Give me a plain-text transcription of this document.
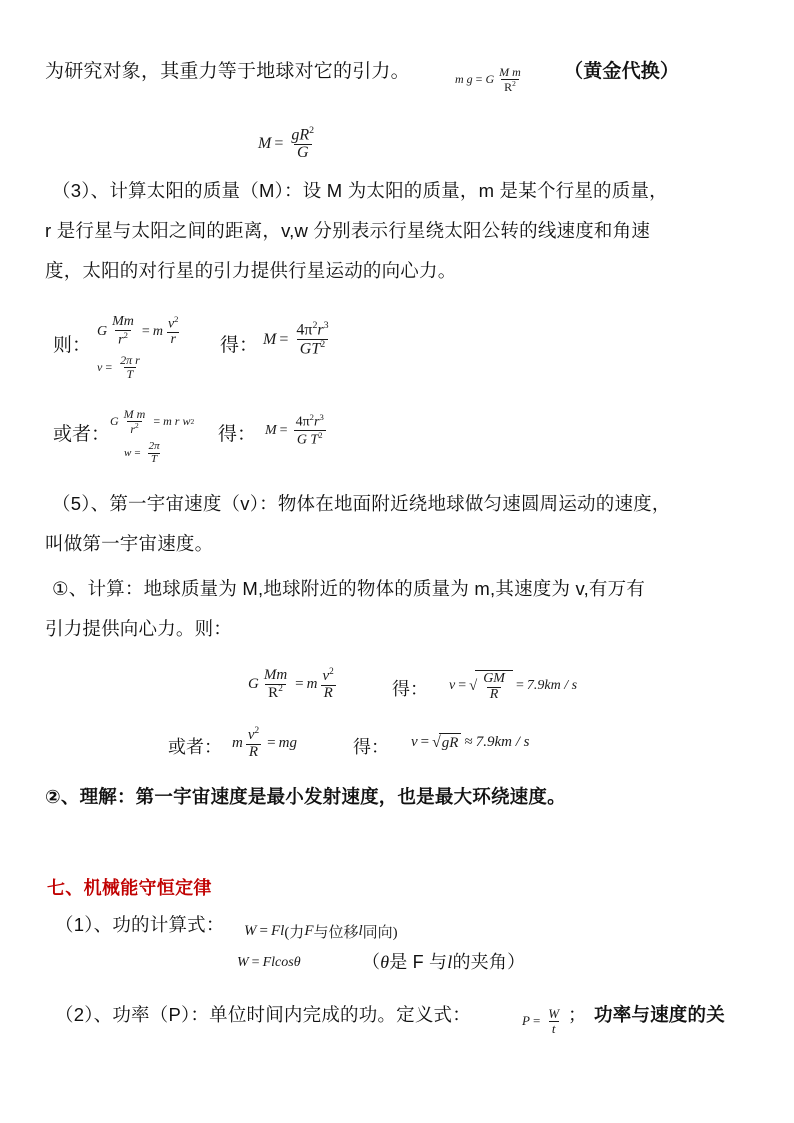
为研究对象，其重力等于地球对它的引力。	m g = G $\frac{\text{M m}}{R^2}$ （黄金代换）
$M = \frac{gR^2}{G}$
（3）、计算太阳的质量（M）：设 M 为太阳的质量，m 是某个行星的质量，
r 是行星与太阳之间的距离，v,w 分别表示行星绕太阳公转的线速度和角速
度，太阳的对行星的引力提供行星运动的向心力。
则：
G $\frac{Mm}{r^2} = m \frac{v^2}{r}$
$v = \frac{\text{2π r}}{T}$
得： $M = \frac{4\pi^2r^3}{GT^2}$
或者：
G $\frac{\text{M m}}{r^2} = m$ r w 2
$w = \frac{2\pi}{T}$
得： $M = \frac{4\pi^2r^3}{G T^2}$
（5）、第一宇宙速度（v）：物体在地面附近绕地球做匀速圆周运动的速度，
叫做第一宇宙速度。
①、计算：地球质量为 M,地球附近的物体的质量为 m,其速度为 v,有万有
引力提供向心力。则：
G $\frac{Mm}{R^2} = m \frac{v^2}{R}$	得： v = √ $\frac{GM}{R} = 7.9km / s$
或者： m $\frac{v^2}{R}$ = mg	得： v = √ gR ≈ 7.9km / s
②、理解：第一宇宙速度是最小发射速度，也是最大环绕速度。
七、机械能守恒定律
（1）、功的计算式： W = Fl (力 F 与位移 l 同向)
W = Fl cos θ	（θ是 F 与l的夹角）
（2）、功率（P）：单位时间内完成的功。定义式：	$P = \frac{W}{t}$ ； 功率与速度的关
